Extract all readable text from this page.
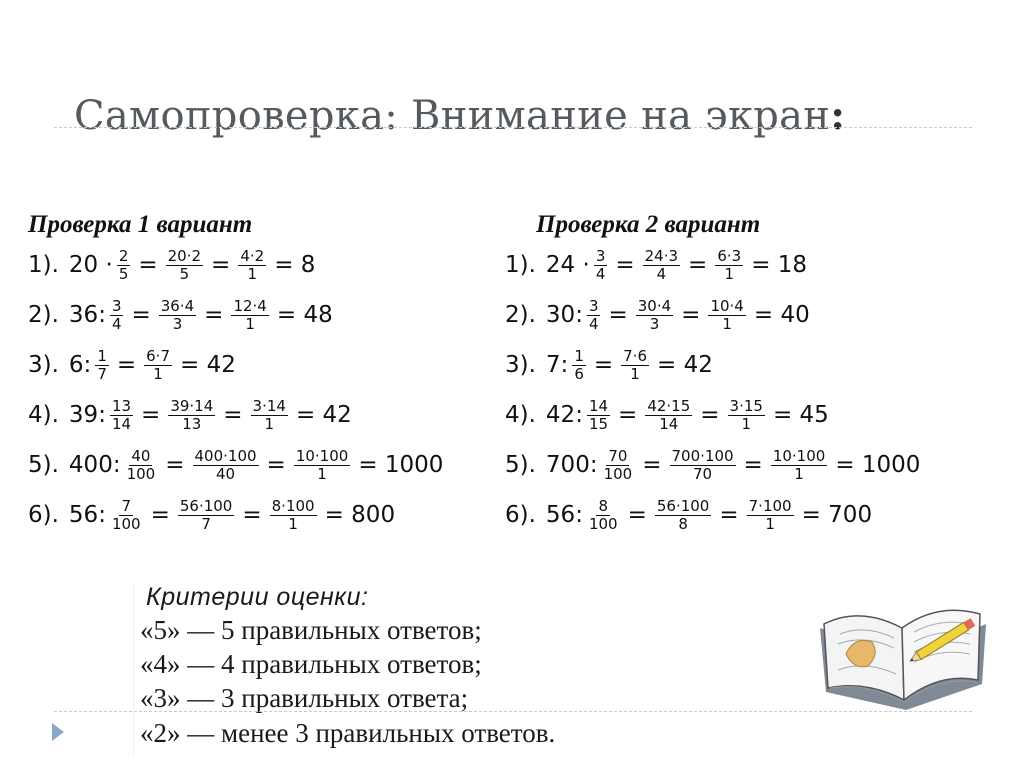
Самопроверка: Внимание на экран:
Проверка 1 вариант
1). $20 \cdot \frac{2}{5} = \frac{20\cdot 2}{5} = \frac{4\cdot 2}{1} = 8$
2). 36: $\frac{3}{4} = \frac{36\cdot 4}{3} = \frac{12\cdot 4}{1} = 48$
3). 6: $\frac{1}{7} = \frac{6\cdot 7}{1} = 42$
4). 39: $\frac{13}{14} = \frac{39\cdot 14}{13} = \frac{3\cdot 14}{1} = 42$
5). 400: $\frac{40}{100} = \frac{400\cdot 100}{40} = \frac{10\cdot 100}{1} = 1000$
6). 56: $\frac{7}{100} = \frac{56\cdot 100}{7} = \frac{8\cdot 100}{1} = 800$
Проверка 2 вариант
1). $24 \cdot \frac{3}{4} = \frac{24\cdot 3}{4} = \frac{6\cdot 3}{1} = 18$
2). 30: $\frac{3}{4} = \frac{30\cdot 4}{3} = \frac{10\cdot 4}{1} = 40$
3). 7: $\frac{1}{6} = \frac{7\cdot 6}{1} = 42$
4). 42: $\frac{14}{15} = \frac{42\cdot 15}{14} = \frac{3\cdot 15}{1} = 45$
5). 700: $\frac{70}{100} = \frac{700\cdot 100}{70} = \frac{10\cdot 100}{1} = 1000$
6). 56: $\frac{8}{100} = \frac{56\cdot 100}{8} = \frac{7\cdot 100}{1} = 700$
Критерии оценки:
«5» — 5 правильных ответов;
«4» — 4 правильных ответов;
«3» — 3 правильных ответа;
«2» — менее 3 правильных ответов.
